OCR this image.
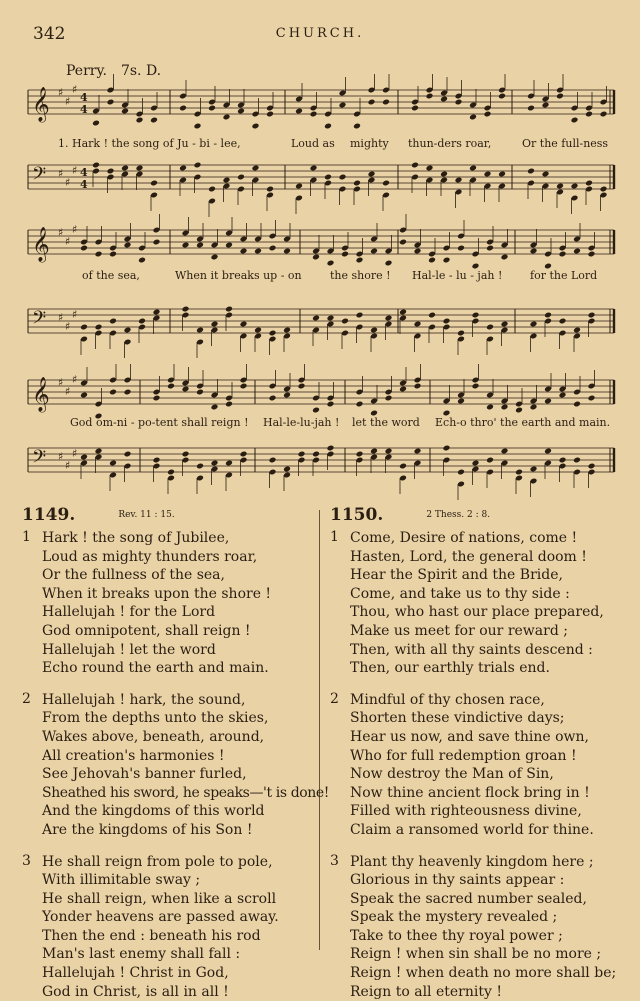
342	CHURCH.
Perry. 7s. D.
𝄞 ♯
♯
♯
4
4
𝄢 ♯
♯
♯ 4
4
𝄞 ♯
♯
♯
𝄢 ♯
♯
♯
𝄞 ♯
♯
♯
𝄢 ♯
♯
♯
1. Hark ! the song of Ju - bi - lee,	Loud as mighty thun-ders roar,	Or the full-ness
of the sea,	When it breaks up - on	the shore ! Hal-le - lu - jah !	for the Lord
God om-ni - po-tent shall reign ! Hal-le-lu-jah ! let the word Ech-o thro' the earth and main.
1149.	Rev. 11 : 15.
1 Hark ! the song of Jubilee,
Loud as mighty thunders roar,
Or the fullness of the sea,
When it breaks upon the shore !
Hallelujah ! for the Lord
God omnipotent, shall reign !
Hallelujah ! let the word
Echo round the earth and main.
2 Hallelujah ! hark, the sound,
From the depths unto the skies,
Wakes above, beneath, around,
All creation's harmonies !
See Jehovah's banner furled,
Sheathed his sword, he speaks—'t is done!
And the kingdoms of this world
Are the kingdoms of his Son !
3 He shall reign from pole to pole,
With illimitable sway ;
He shall reign, when like a scroll
Yonder heavens are passed away.
Then the end : beneath his rod
Man's last enemy shall fall :
Hallelujah ! Christ in God,
God in Christ, is all in all !
1150.	2 Thess. 2 : 8.
1 Come, Desire of nations, come !
Hasten, Lord, the general doom !
Hear the Spirit and the Bride,
Come, and take us to thy side :
Thou, who hast our place prepared,
Make us meet for our reward ;
Then, with all thy saints descend :
Then, our earthly trials end.
2 Mindful of thy chosen race,
Shorten these vindictive days;
Hear us now, and save thine own,
Who for full redemption groan !
Now destroy the Man of Sin,
Now thine ancient flock bring in !
Filled with righteousness divine,
Claim a ransomed world for thine.
3 Plant thy heavenly kingdom here ;
Glorious in thy saints appear :
Speak the sacred number sealed,
Speak the mystery revealed ;
Take to thee thy royal power ;
Reign ! when sin shall be no more ;
Reign ! when death no more shall be;
Reign to all eternity !
